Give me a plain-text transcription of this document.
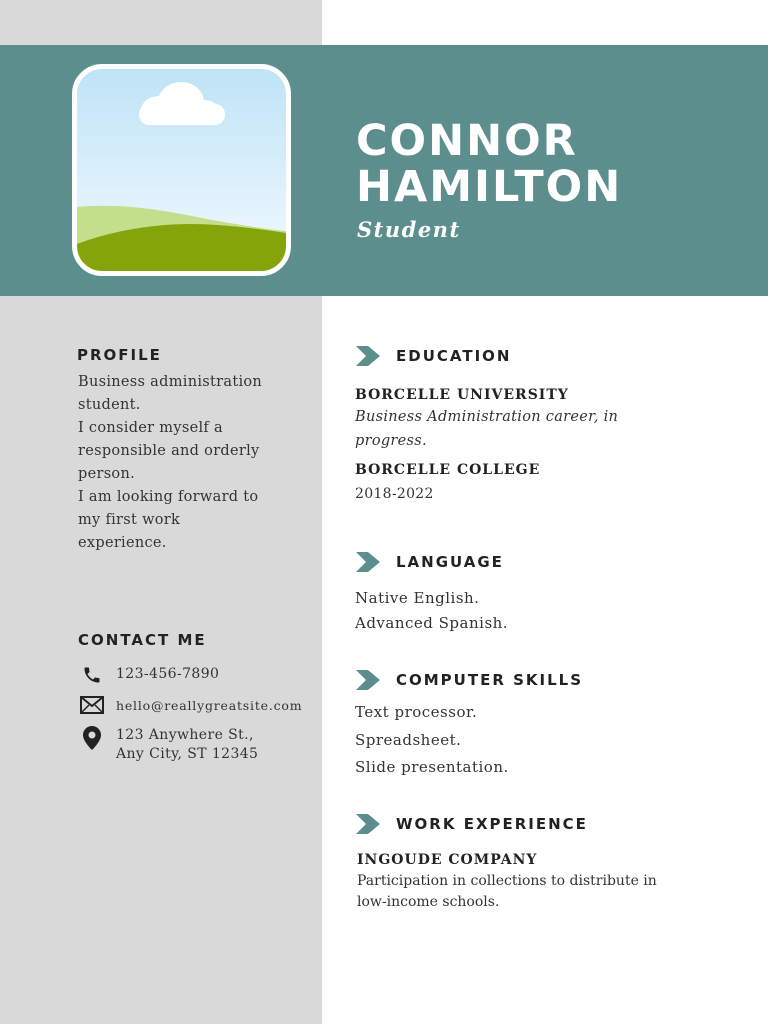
CONNOR
HAMILTON
Student
PROFILE

Business administration
student.
I consider myself a
responsible and orderly
person.
I am looking forward to
my first work
experience.

CONTACT ME
123-456-7890
hello@reallygreatsite.com
123 Anywhere St.,
Any City, ST 12345
EDUCATION
BORCELLE UNIVERSITY
Business Administration career, in
progress.
BORCELLE COLLEGE
2018-2022
LANGUAGE
Native English.
Advanced Spanish.
COMPUTER SKILLS
Text processor.
Spreadsheet.
Slide presentation.
WORK EXPERIENCE
INGOUDE COMPANY
Participation in collections to distribute in
low-income schools.
